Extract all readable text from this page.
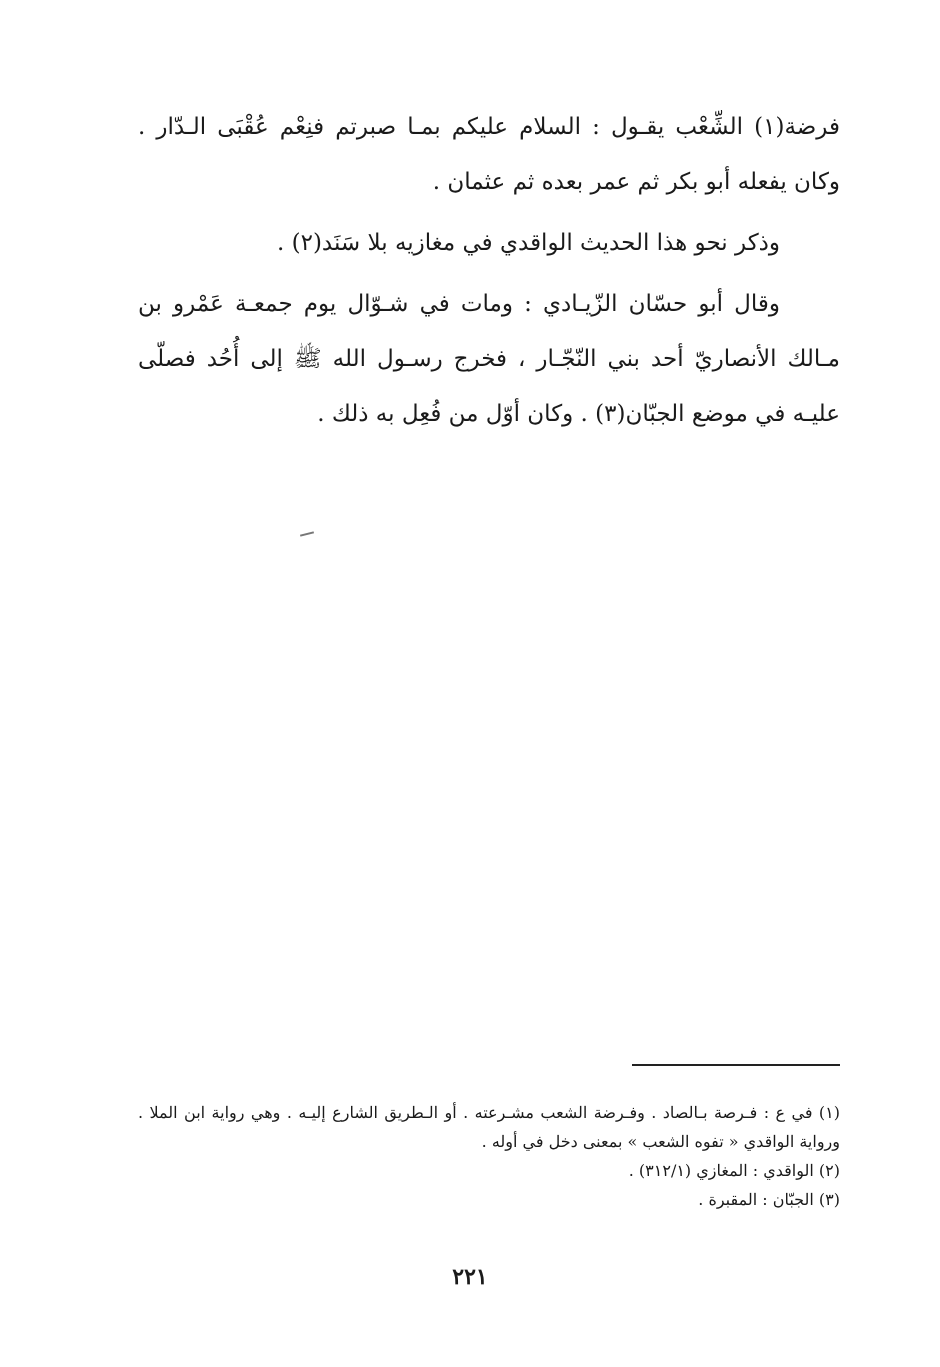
فرضة(١) الشِّعْب يقـول : السلام عليكم بمـا صبرتم فنِعْم عُقْبَى الـدّار . وكان يفعله أبو بكر ثم عمر بعده ثم عثمان .

وذكر نحو هذا الحديث الواقدي في مغازيه بلا سَنَد(٢) .

وقال أبو حسّان الزّيـادي : ومات في شـوّال يوم جمعـة عَمْرو بن مـالك الأنصاريّ أحد بني النّجّـار ، فخرج رسـول الله ﷺ إلى أُحُد فصلّى عليـه في موضع الجبّان(٣) . وكان أوّل من فُعِل به ذلك .

(١) في ع : فـرصة بـالصاد . وفـرضة الشعب مشـرعته . أو الـطريق الشارع إليـه . وهي رواية ابن الملا . ورواية الواقدي « تفوه الشعب » بمعنى دخل في أوله .

(٢) الواقدي : المغازي (٣١٢/١) .

(٣) الجبّان : المقبرة .

٢٢١
